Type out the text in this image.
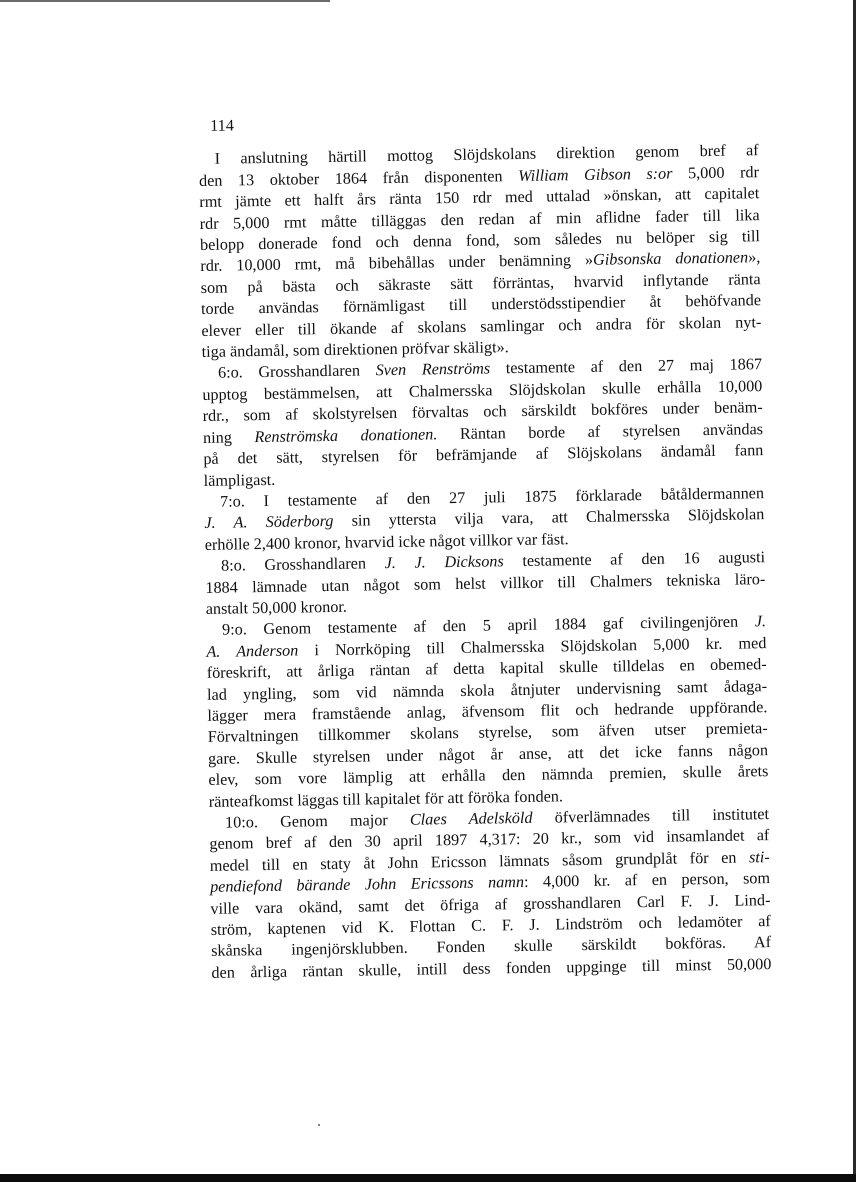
114
I anslutning härtill mottog Slöjdskolans direktion genom bref af
den 13 oktober 1864 från disponenten William Gibson s:or 5,000 rdr
rmt jämte ett halft års ränta 150 rdr med uttalad »önskan, att capitalet
rdr 5,000 rmt måtte tilläggas den redan af min aflidne fader till lika
belopp donerade fond och denna fond, som således nu belöper sig till
rdr. 10,000 rmt, må bibehållas under benämning »Gibsonska donationen»,
som på bästa och säkraste sätt förräntas, hvarvid inflytande ränta
torde användas förnämligast till understödsstipendier åt behöfvande
elever eller till ökande af skolans samlingar och andra för skolan nyt-
tiga ändamål, som direktionen pröfvar skäligt».
6:o. Grosshandlaren Sven Renströms testamente af den 27 maj 1867
upptog bestämmelsen, att Chalmersska Slöjdskolan skulle erhålla 10,000
rdr., som af skolstyrelsen förvaltas och särskildt bokföres under benäm-
ning Renströmska donationen. Räntan borde af styrelsen användas
på det sätt, styrelsen för befrämjande af Slöjskolans ändamål fann
lämpligast.
7:o. I testamente af den 27 juli 1875 förklarade båtåldermannen
J. A. Söderborg sin yttersta vilja vara, att Chalmersska Slöjdskolan
erhölle 2,400 kronor, hvarvid icke något villkor var fäst.
8:o. Grosshandlaren J. J. Dicksons testamente af den 16 augusti
1884 lämnade utan något som helst villkor till Chalmers tekniska läro-
anstalt 50,000 kronor.
9:o. Genom testamente af den 5 april 1884 gaf civilingenjören J.
A. Anderson i Norrköping till Chalmersska Slöjdskolan 5,000 kr. med
föreskrift, att årliga räntan af detta kapital skulle tilldelas en obemed-
lad yngling, som vid nämnda skola åtnjuter undervisning samt ådaga-
lägger mera framstående anlag, äfvensom flit och hedrande uppförande.
Förvaltningen tillkommer skolans styrelse, som äfven utser premieta-
gare. Skulle styrelsen under något år anse, att det icke fanns någon
elev, som vore lämplig att erhålla den nämnda premien, skulle årets
ränteafkomst läggas till kapitalet för att föröka fonden.
10:o. Genom major Claes Adelsköld öfverlämnades till institutet
genom bref af den 30 april 1897 4,317: 20 kr., som vid insamlandet af
medel till en staty åt John Ericsson lämnats såsom grundplåt för en sti-
pendiefond bärande John Ericssons namn: 4,000 kr. af en person, som
ville vara okänd, samt det öfriga af grosshandlaren Carl F. J. Lind-
ström, kaptenen vid K. Flottan C. F. J. Lindström och ledamöter af
skånska ingenjörsklubben. Fonden skulle särskildt bokföras. Af
den årliga räntan skulle, intill dess fonden uppginge till minst 50,000
